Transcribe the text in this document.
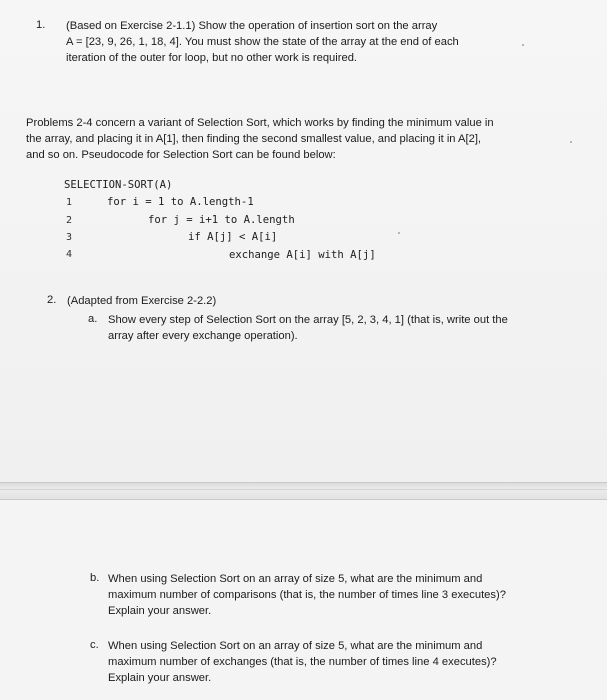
1. (Based on Exercise 2-1.1) Show the operation of insertion sort on the array
A = [23, 9, 26, 1, 18, 4]. You must show the state of the array at the end of each
iteration of the outer for loop, but no other work is required.
Problems 2-4 concern a variant of Selection Sort, which works by finding the minimum value in
the array, and placing it in A[1], then finding the second smallest value, and placing it in A[2],
and so on. Pseudocode for Selection Sort can be found below:
SELECTION-SORT(A)
1
2
3
4
for i = 1 to A.length-1
for j = i+1 to A.length
if A[j] < A[i]
exchange A[i] with A[j]
2. (Adapted from Exercise 2-2.2)
a. Show every step of Selection Sort on the array [5, 2, 3, 4, 1] (that is, write out the
array after every exchange operation).
b. When using Selection Sort on an array of size 5, what are the minimum and
maximum number of comparisons (that is, the number of times line 3 executes)?
Explain your answer.
c. When using Selection Sort on an array of size 5, what are the minimum and
maximum number of exchanges (that is, the number of times line 4 executes)?
Explain your answer.
